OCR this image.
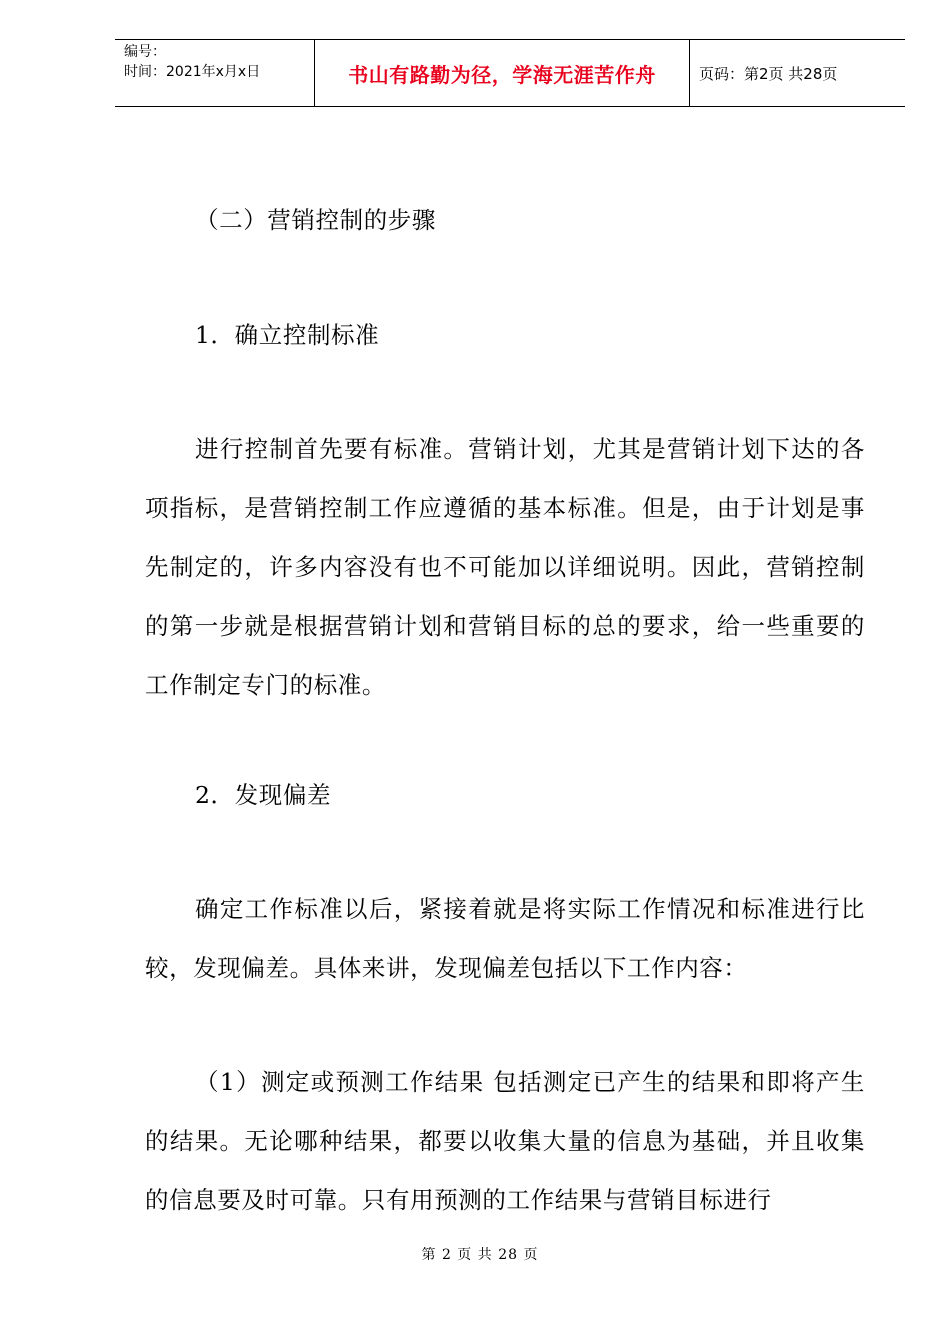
编号：
时间：2021年x月x日	书山有路勤为径，学海无涯苦作舟	页码：第2页 共28页
（二）营销控制的步骤
1．确立控制标准

进行控制首先要有标准。营销计划，尤其是营销计划下达的各项指标，是营销控制工作应遵循的基本标准。但是，由于计划是事先制定的，许多内容没有也不可能加以详细说明。因此，营销控制的第一步就是根据营销计划和营销目标的总的要求，给一些重要的工作制定专门的标准。

2．发现偏差

确定工作标准以后，紧接着就是将实际工作情况和标准进行比较，发现偏差。具体来讲，发现偏差包括以下工作内容：

（1）测定或预测工作结果 包括测定已产生的结果和即将产生的结果。无论哪种结果，都要以收集大量的信息为基础，并且收集的信息要及时可靠。只有用预测的工作结果与营销目标进行

第 2 页 共 28 页
